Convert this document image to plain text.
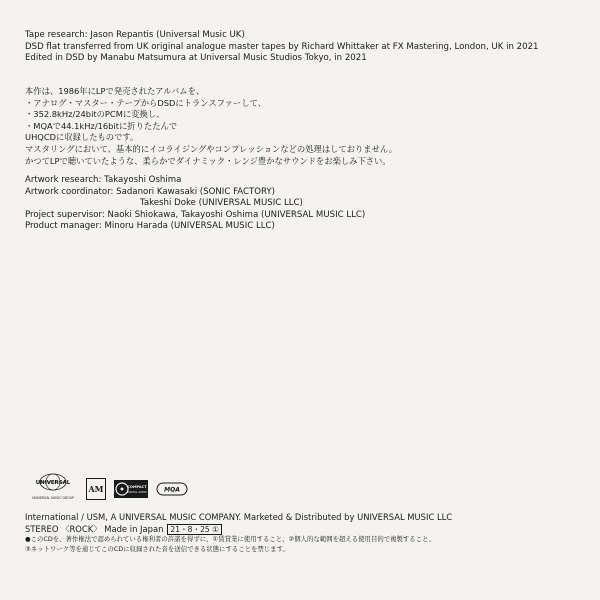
Tape research: Jason Repantis (Universal Music UK)
DSD flat transferred from UK original analogue master tapes by Richard Whittaker at FX Mastering, London, UK in 2021
Edited in DSD by Manabu Matsumura at Universal Music Studios Tokyo, in 2021
本作は、1986年にLPで発売されたアルバムを、
・アナログ・マスター・テープからDSDにトランスファーして、
・352.8kHz/24bitのPCMに変換し、
・MQAで44.1kHz/16bitに折りたたんで
UHQCDに収録したものです。
マスタリングにおいて、基本的にイコライジングやコンプレッションなどの処理はしておりません。
かつてLPで聴いていたような、柔らかでダイナミック・レンジ豊かなサウンドをお楽しみ下さい。
Artwork research: Takayoshi Oshima
Artwork coordinator: Sadanori Kawasaki (SONIC FACTORY)
Takeshi Doke (UNIVERSAL MUSIC LLC)
Project supervisor: Naoki Shiokawa, Takayoshi Oshima (UNIVERSAL MUSIC LLC)
Product manager: Minoru Harada (UNIVERSAL MUSIC LLC)
UNIVERSAL
UNIVERSAL MUSIC GROUP
AM	COMPACT
DIGITAL AUDIO	MQA
International / USM, A UNIVERSAL MUSIC COMPANY. Marketed & Distributed by UNIVERSAL MUSIC LLC
STEREO 〈ROCK〉 Made in Japan 21・8・25 ①
●このCDを、著作権法で認められている権利者の許諾を得ずに、①賃貸業に使用すること、②個人的な範囲を超える使用目的で複製すること、
③ネットワーク等を通じてこのCDに収録された音を送信できる状態にすることを禁じます。
